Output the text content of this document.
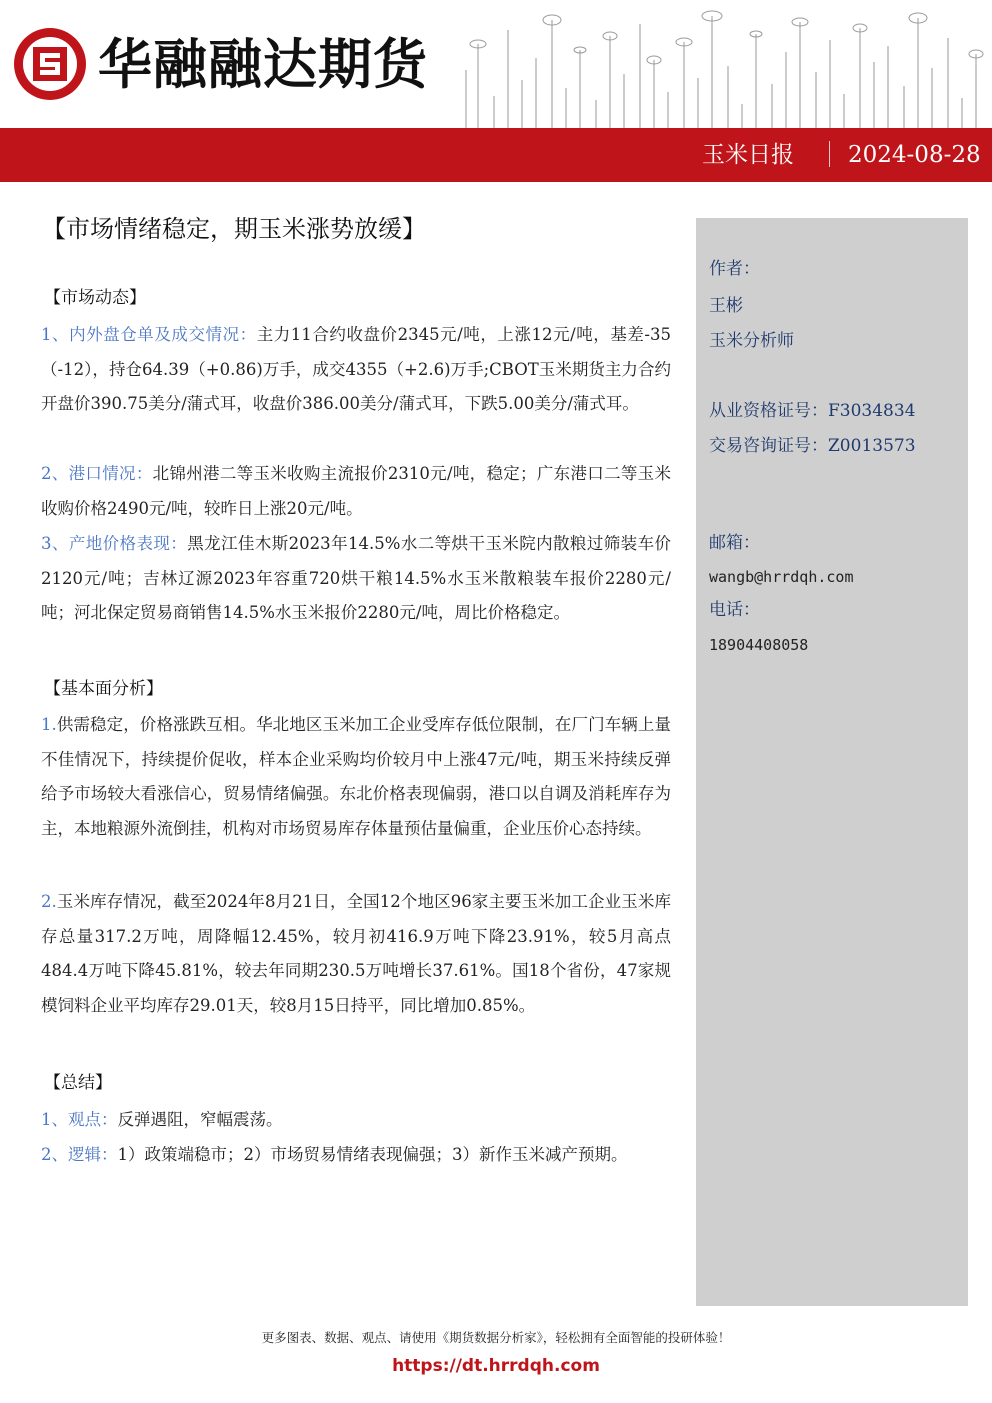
华融融达期货
玉米日报 2024-08-28
【市场情绪稳定，期玉米涨势放缓】
【市场动态】
1、内外盘仓单及成交情况：主力11合约收盘价2345元/吨，上涨12元/吨，基差-35（-12），持仓64.39（+0.86)万手，成交4355（+2.6)万手;CBOT玉米期货主力合约开盘价390.75美分/蒲式耳，收盘价386.00美分/蒲式耳，下跌5.00美分/蒲式耳。
2、港口情况：北锦州港二等玉米收购主流报价2310元/吨，稳定；广东港口二等玉米收购价格2490元/吨，较昨日上涨20元/吨。
3、产地价格表现：黑龙江佳木斯2023年14.5%水二等烘干玉米院内散粮过筛装车价2120元/吨；吉林辽源2023年容重720烘干粮14.5%水玉米散粮装车报价2280元/吨；河北保定贸易商销售14.5%水玉米报价2280元/吨，周比价格稳定。
【基本面分析】
1.供需稳定，价格涨跌互相。华北地区玉米加工企业受库存低位限制，在厂门车辆上量不佳情况下，持续提价促收，样本企业采购均价较月中上涨47元/吨，期玉米持续反弹给予市场较大看涨信心，贸易情绪偏强。东北价格表现偏弱，港口以自调及消耗库存为主，本地粮源外流倒挂，机构对市场贸易库存体量预估量偏重，企业压价心态持续。
2.玉米库存情况，截至2024年8月21日，全国12个地区96家主要玉米加工企业玉米库存总量317.2万吨，周降幅12.45%，较月初416.9万吨下降23.91%，较5月高点484.4万吨下降45.81%，较去年同期230.5万吨增长37.61%。国18个省份，47家规模饲料企业平均库存29.01天，较8月15日持平，同比增加0.85%。
【总结】
1、观点：反弹遇阻，窄幅震荡。
2、逻辑：1）政策端稳市；2）市场贸易情绪表现偏强；3）新作玉米减产预期。
作者：
王彬
玉米分析师
从业资格证号：F3034834
交易咨询证号：Z0013573
邮箱：
wangb@hrrdqh.com
电话：
18904408058
更多图表、数据、观点、请使用《期货数据分析家》，轻松拥有全面智能的投研体验！
https://dt.hrrdqh.com
